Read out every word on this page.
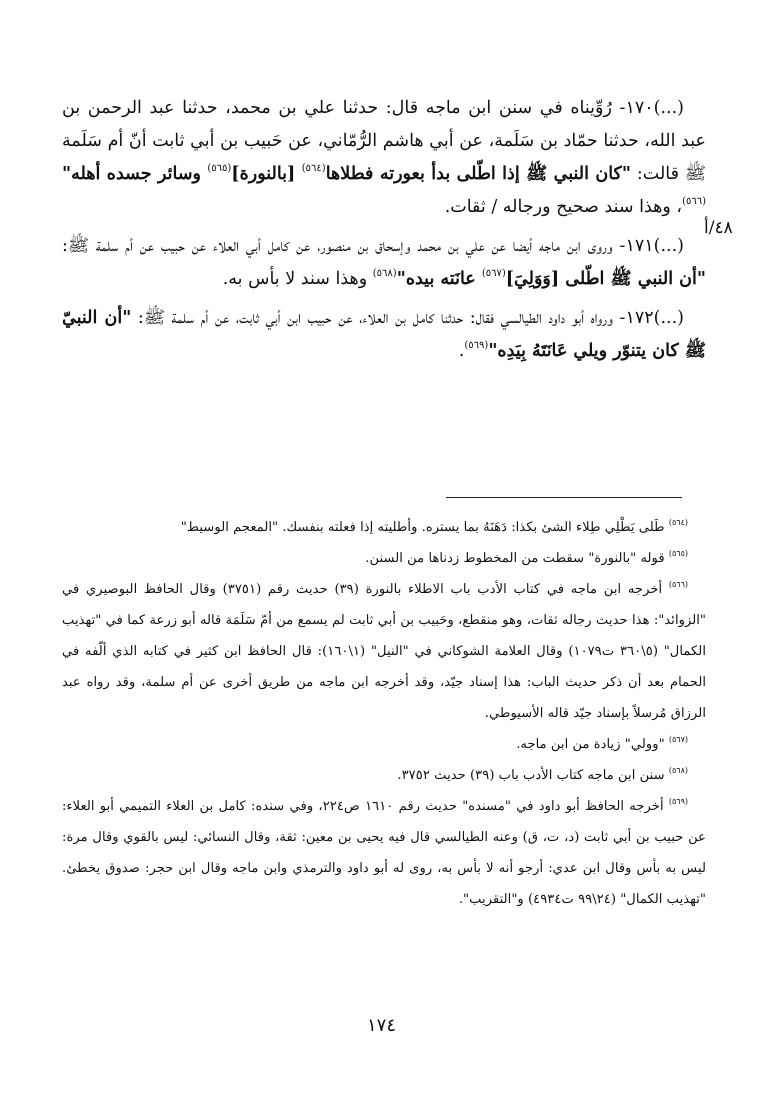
(...)١٧٠- رُوِّيناه في سنن ابن ماجه قال: حدثنا علي بن محمد، حدثنا عبد الرحمن بن عبد الله، حدثنا حمّاد بن سَلَمة، عن أبي هاشم الرُّمّاني، عن حَبيب بن أبي ثابت أنّ أم سَلَمة ﷺ قالت: "كان النبي ﷺ إذا اطّلى بدأ بعورته فطلاها$^{(٥٦٤)}$ [بالنورة]$^{(٥٦٥)}$ وسائر جسده أهله"$^{(٥٦٦)}$، وهذا سند صحيح ورجاله / ثقات.

(...)١٧١- وروى ابن ماجه أيضا عن علي بن محمد وإسحاق بن منصور، عن كامل أبي العلاء عن حبيب عن أم سلمة ﷺ: "أن النبي ﷺ اطّلى [وَوَلِيَ]$^{(٥٦٧)}$ عانَته بيده"$^{(٥٦٨)}$ وهذا سند لا بأس به.

(...)١٧٢- ورواه أبو داود الطيالسي فقال: حدثنا كامل بن العلاء، عن حبيب ابن أبي ثابت، عن أم سلمة ﷺ: "أن النبيّ ﷺ كان يتنوّر ويلي عَانَتَهُ بِيَدِه"$^{(٥٦٩)}$.

٤٨/أ

$^{(٥٦٤)}$ طَلى يَطْلِي طِلاء الشئ بكذا: دَهَنَهُ بما يستره. وأطليته إذا فعلته بنفسك. "المعجم الوسيط"

$^{(٥٦٥)}$ قوله "بالنورة" سقطت من المخطوط زدناها من السنن.

$^{(٥٦٦)}$ أخرجه ابن ماجه في كتاب الأدب باب الاطلاء بالنورة (٣٩) حديث رقم (٣٧٥١) وقال الحافظ البوصيري في "الزوائد": هذا حديث رجاله ثقات، وهو منقطع، وحَبيب بن أبي ثابت لم يسمع من أمّ سَلَمَة قاله أبو زرعة كما في "تهذيب الكمال" (٥\٣٦٠ ت١٠٧٩) وقال العلامة الشوكاني في "النيل" (١\١٦٠): قال الحافظ ابن كثير في كتابه الذي ألّفه في الحمام بعد أن ذكر حديث الباب: هذا إسناد جيّد، وقد أخرجه ابن ماجه من طريق أخرى عن أم سلمة، وقد رواه عبد الرزاق مُرسلاً بإسناد جيّد قاله الأسيوطي.

$^{(٥٦٧)}$ "وولي" زيادة من ابن ماجه.

$^{(٥٦٨)}$ سنن ابن ماجه كتاب الأدب باب (٣٩) حديث ٣٧٥٢.

$^{(٥٦٩)}$ أخرجه الحافظ أبو داود في "مسنده" حديث رقم ١٦١٠ ص٢٢٤، وفي سنده: كامل بن العلاء التميمي أبو العلاء: عن حبيب بن أبي ثابت (د، ت، ق) وعنه الطيالسي قال فيه يحيى بن معين: ثقة، وقال النسائي: ليس بالقوي وقال مرة: ليس به بأس وقال ابن عدي: أرجو أنه لا بأس به، روى له أبو داود والترمذي وابن ماجه وقال ابن حجر: صدوق يخطئ. "تهذيب الكمال" (٢٤\٩٩ ت٤٩٣٤) و"التقريب".

١٧٤
